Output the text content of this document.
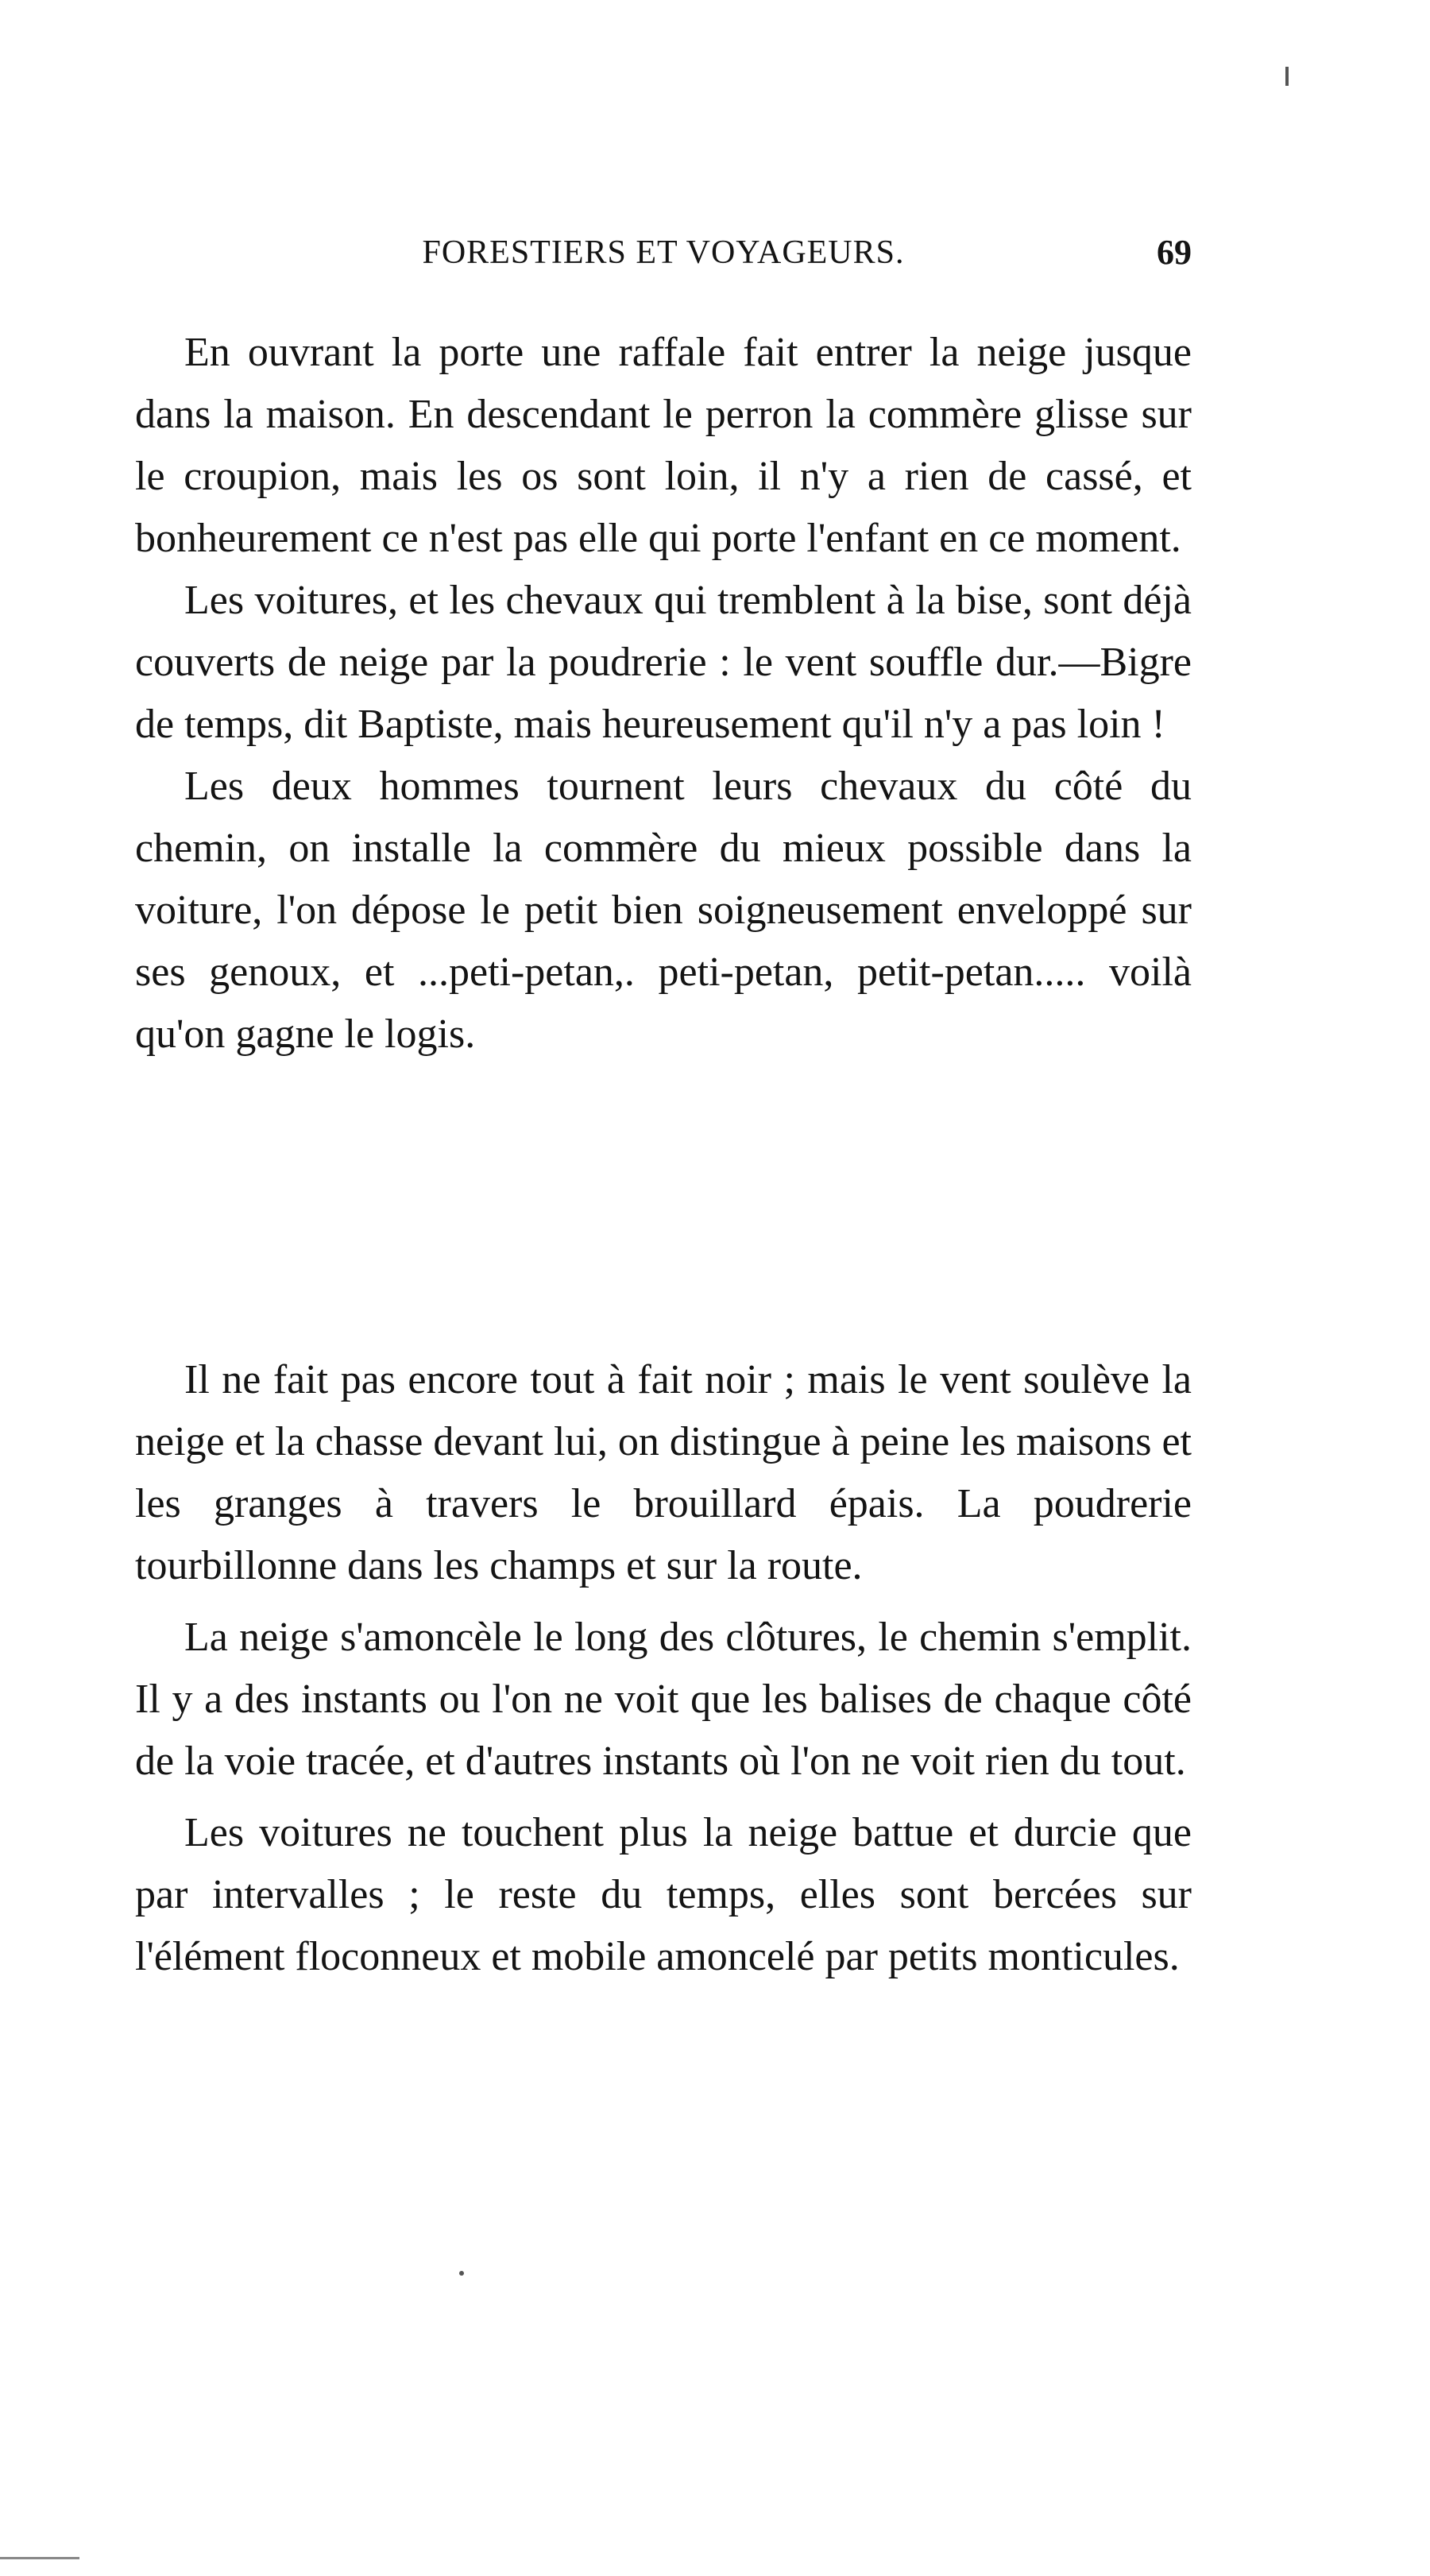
FORESTIERS ET VOYAGEURS.	69

En ouvrant la porte une raffale fait entrer la neige jusque dans la maison. En descendant le perron la commère glisse sur le croupion, mais les os sont loin, il n'y a rien de cassé, et bonheurement ce n'est pas elle qui porte l'enfant en ce moment.

Les voitures, et les chevaux qui tremblent à la bise, sont déjà couverts de neige par la poudrerie : le vent souffle dur.—Bigre de temps, dit Baptiste, mais heureusement qu'il n'y a pas loin !

Les deux hommes tournent leurs chevaux du côté du chemin, on installe la commère du mieux possible dans la voiture, l'on dépose le petit bien soigneusement enveloppé sur ses genoux, et ...peti-petan,. peti-petan, petit-petan..... voilà qu'on gagne le logis.

Il ne fait pas encore tout à fait noir ; mais le vent soulève la neige et la chasse devant lui, on distingue à peine les maisons et les granges à travers le brouillard épais. La poudrerie tourbillonne dans les champs et sur la route.

La neige s'amoncèle le long des clôtures, le chemin s'emplit. Il y a des instants ou l'on ne voit que les balises de chaque côté de la voie tracée, et d'autres instants où l'on ne voit rien du tout.

Les voitures ne touchent plus la neige battue et durcie que par intervalles ; le reste du temps, elles sont bercées sur l'élément floconneux et mobile amoncelé par petits monticules.
